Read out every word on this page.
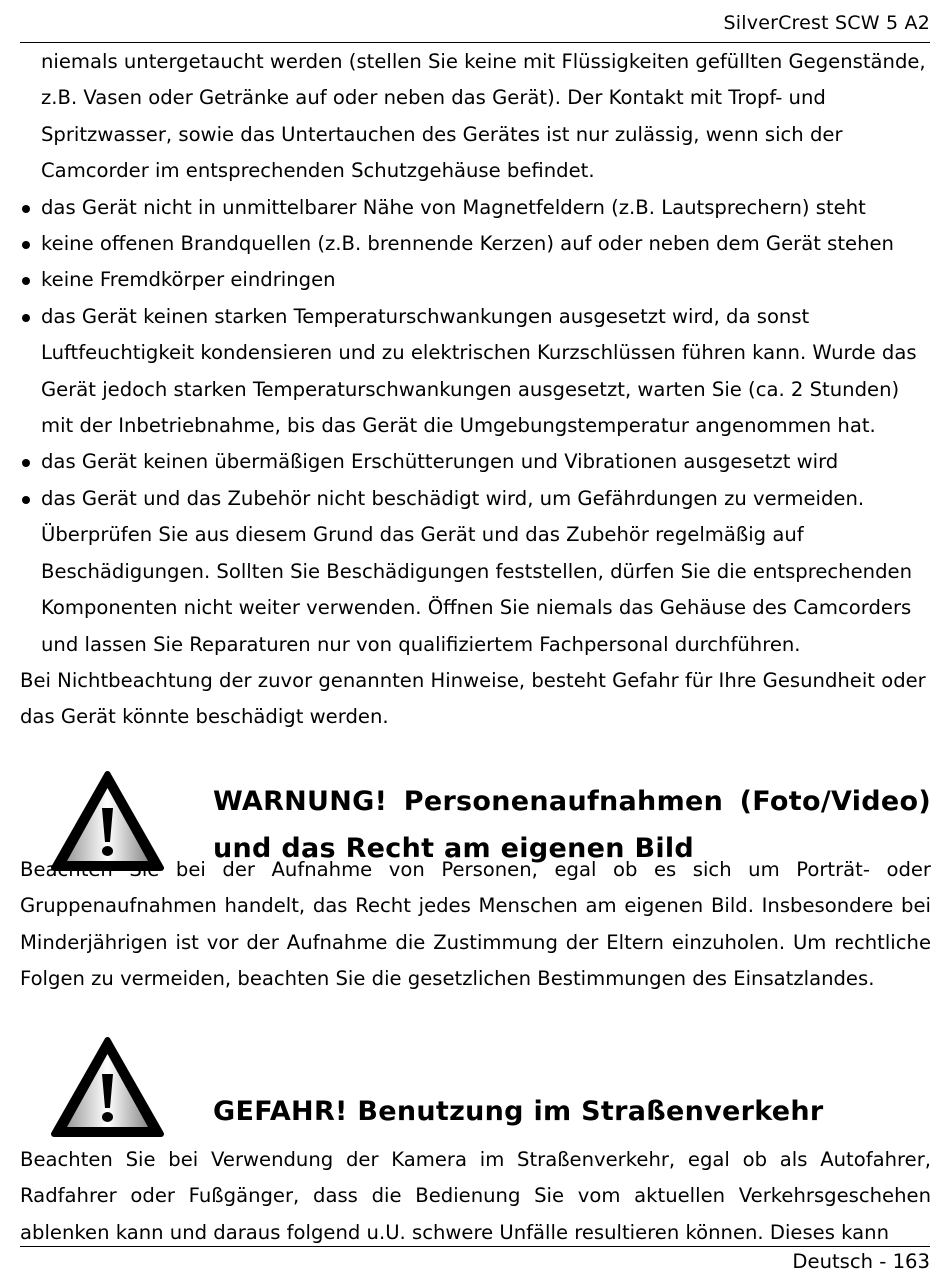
SilverCrest SCW 5 A2

niemals untergetaucht werden (stellen Sie keine mit Flüssigkeiten gefüllten Gegenstände, z.B. Vasen oder Getränke auf oder neben das Gerät). Der Kontakt mit Tropf- und Spritzwasser, sowie das Untertauchen des Gerätes ist nur zulässig, wenn sich der Camcorder im entsprechenden Schutzgehäuse befindet.

das Gerät nicht in unmittelbarer Nähe von Magnetfeldern (z.B. Lautsprechern) steht
keine offenen Brandquellen (z.B. brennende Kerzen) auf oder neben dem Gerät stehen
keine Fremdkörper eindringen
das Gerät keinen starken Temperaturschwankungen ausgesetzt wird, da sonst Luftfeuchtigkeit kondensieren und zu elektrischen Kurzschlüssen führen kann. Wurde das Gerät jedoch starken Temperaturschwankungen ausgesetzt, warten Sie (ca. 2 Stunden) mit der Inbetriebnahme, bis das Gerät die Umgebungstemperatur angenommen hat.
das Gerät keinen übermäßigen Erschütterungen und Vibrationen ausgesetzt wird
das Gerät und das Zubehör nicht beschädigt wird, um Gefährdungen zu vermeiden. Überprüfen Sie aus diesem Grund das Gerät und das Zubehör regelmäßig auf Beschädigungen. Sollten Sie Beschädigungen feststellen, dürfen Sie die entsprechenden Komponenten nicht weiter verwenden. Öffnen Sie niemals das Gehäuse des Camcorders und lassen Sie Reparaturen nur von qualifiziertem Fachpersonal durchführen.

Bei Nichtbeachtung der zuvor genannten Hinweise, besteht Gefahr für Ihre Gesundheit oder das Gerät könnte beschädigt werden.

WARNUNG! Personenaufnahmen (Foto/Video) und das Recht am eigenen Bild
Beachten Sie bei der Aufnahme von Personen, egal ob es sich um Porträt- oder Gruppenaufnahmen handelt, das Recht jedes Menschen am eigenen Bild. Insbesondere bei Minderjährigen ist vor der Aufnahme die Zustimmung der Eltern einzuholen. Um rechtliche Folgen zu vermeiden, beachten Sie die gesetzlichen Bestimmungen des Einsatzlandes.
GEFAHR! Benutzung im Straßenverkehr
Beachten Sie bei Verwendung der Kamera im Straßenverkehr, egal ob als Autofahrer, Radfahrer oder Fußgänger, dass die Bedienung Sie vom aktuellen Verkehrsgeschehen ablenken kann und daraus folgend u.U. schwere Unfälle resultieren können. Dieses kann
Deutsch - 163
